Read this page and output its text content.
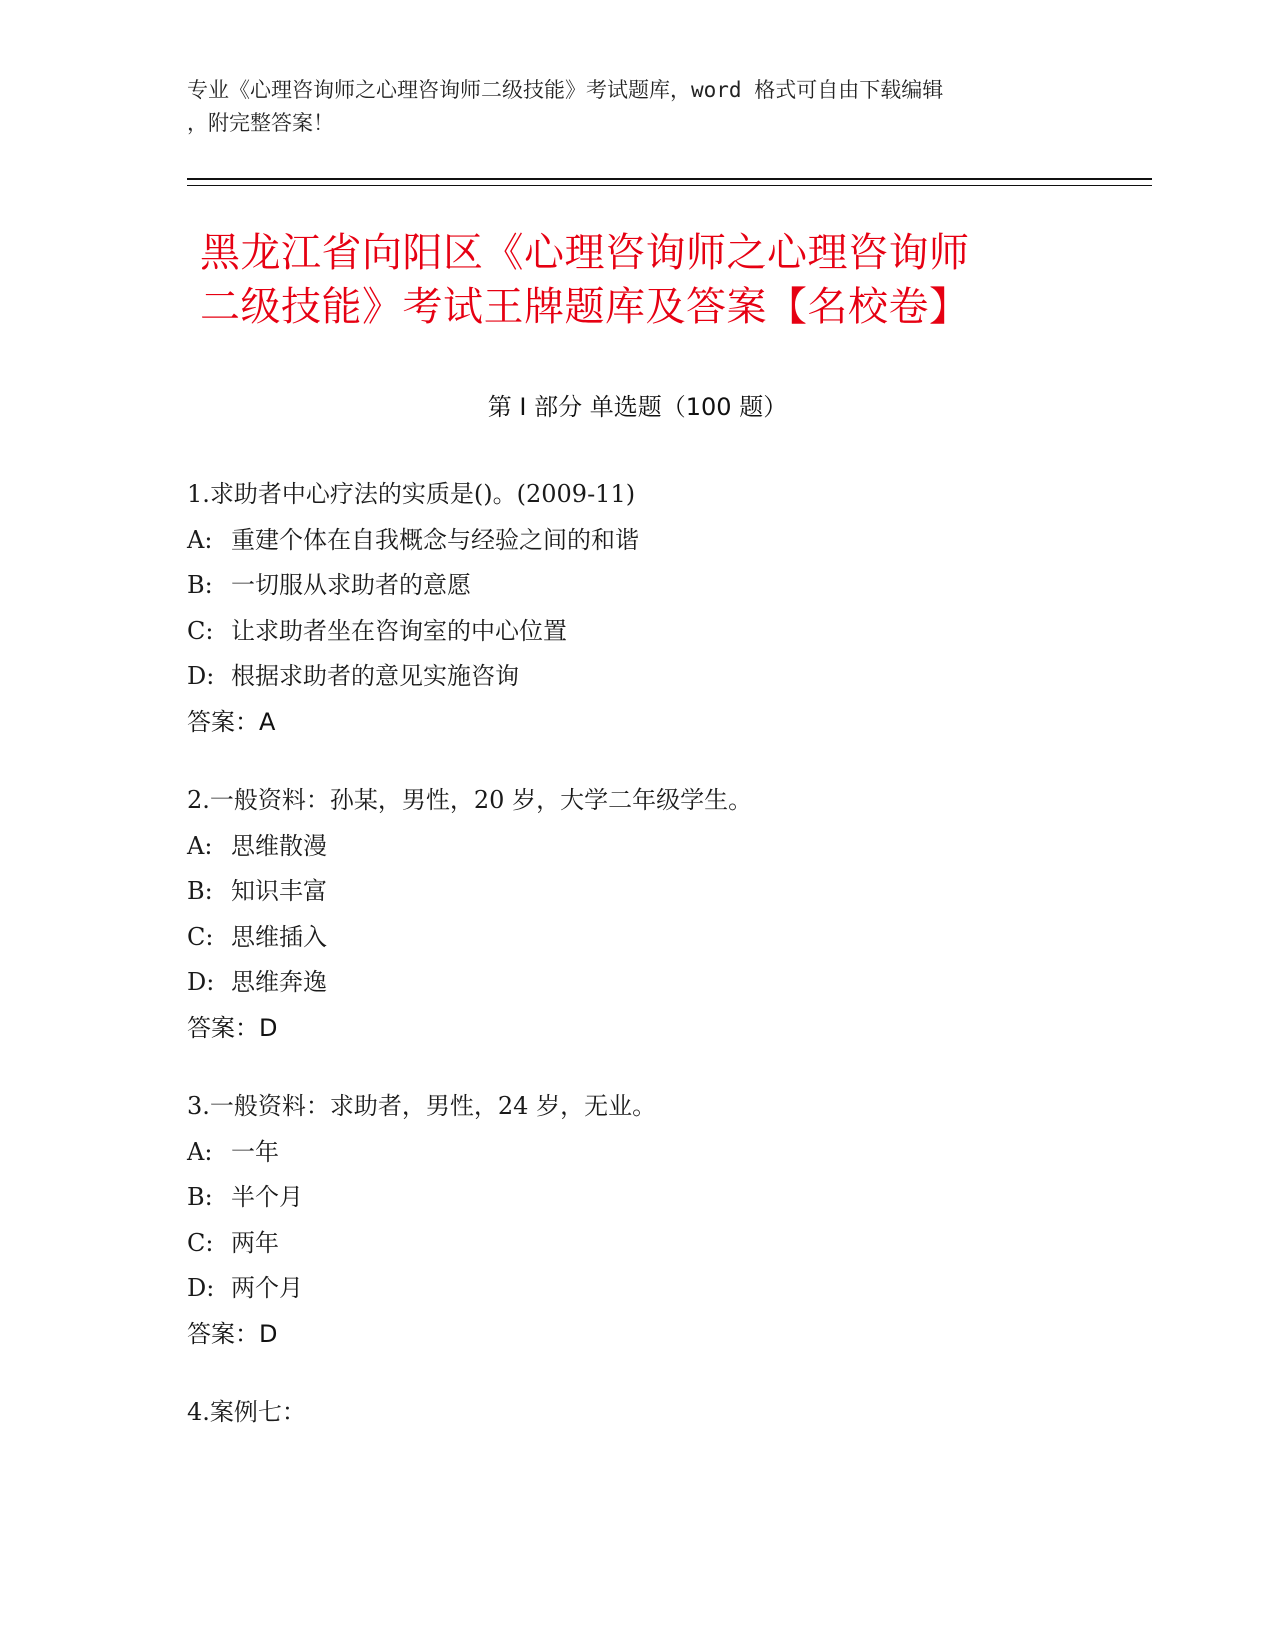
专业《心理咨询师之心理咨询师二级技能》考试题库，word 格式可自由下载编辑

，附完整答案！

黑龙江省向阳区《心理咨询师之心理咨询师
二级技能》考试王牌题库及答案【名校卷】
第 I 部分 单选题（100 题）
1.求助者中心疗法的实质是()。(2009-11)
A: 重建个体在自我概念与经验之间的和谐
B: 一切服从求助者的意愿
C: 让求助者坐在咨询室的中心位置
D: 根据求助者的意见实施咨询
答案：A
2.一般资料：孙某，男性，20 岁，大学二年级学生。
A: 思维散漫
B: 知识丰富
C: 思维插入
D: 思维奔逸
答案：D
3.一般资料：求助者，男性，24 岁，无业。
A: 一年
B: 半个月
C: 两年
D: 两个月
答案：D
4.案例七：
